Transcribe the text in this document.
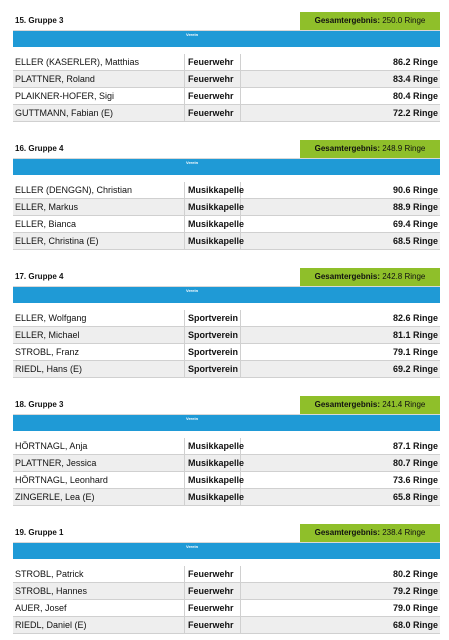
15. Gruppe 3	Gesamtergebnis: 250.0 Ringe
Verein
ELLER (KASERLER), Matthias	Feuerwehr	86.2 Ringe
PLATTNER, Roland	Feuerwehr	83.4 Ringe
PLAIKNER-HOFER, Sigi	Feuerwehr	80.4 Ringe
GUTTMANN, Fabian (E)	Feuerwehr	72.2 Ringe
16. Gruppe 4	Gesamtergebnis: 248.9 Ringe
Verein
ELLER (DENGGN), Christian	Musikkapelle	90.6 Ringe
ELLER, Markus	Musikkapelle	88.9 Ringe
ELLER, Bianca	Musikkapelle	69.4 Ringe
ELLER, Christina (E)	Musikkapelle	68.5 Ringe
17. Gruppe 4	Gesamtergebnis: 242.8 Ringe
Verein
ELLER, Wolfgang	Sportverein	82.6 Ringe
ELLER, Michael	Sportverein	81.1 Ringe
STROBL, Franz	Sportverein	79.1 Ringe
RIEDL, Hans (E)	Sportverein	69.2 Ringe
18. Gruppe 3	Gesamtergebnis: 241.4 Ringe
Verein
HÖRTNAGL, Anja	Musikkapelle	87.1 Ringe
PLATTNER, Jessica	Musikkapelle	80.7 Ringe
HÖRTNAGL, Leonhard	Musikkapelle	73.6 Ringe
ZINGERLE, Lea (E)	Musikkapelle	65.8 Ringe
19. Gruppe 1	Gesamtergebnis: 238.4 Ringe
Verein
STROBL, Patrick	Feuerwehr	80.2 Ringe
STROBL, Hannes	Feuerwehr	79.2 Ringe
AUER, Josef	Feuerwehr	79.0 Ringe
RIEDL, Daniel (E)	Feuerwehr	68.0 Ringe
